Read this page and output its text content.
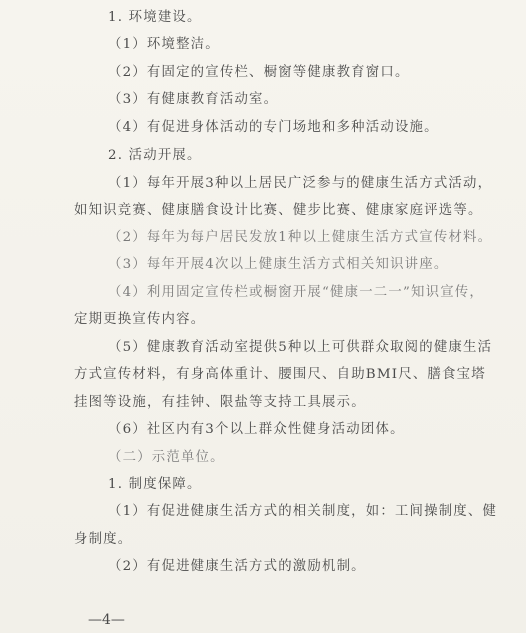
1. 环境建设。
（1）环境整洁。
（2）有固定的宣传栏、橱窗等健康教育窗口。
（3）有健康教育活动室。
（4）有促进身体活动的专门场地和多种活动设施。
2. 活动开展。
（1）每年开展3种以上居民广泛参与的健康生活方式活动，
如知识竞赛、健康膳食设计比赛、健步比赛、健康家庭评选等。
（2）每年为每户居民发放1种以上健康生活方式宣传材料。
（3）每年开展4次以上健康生活方式相关知识讲座。
（4）利用固定宣传栏或橱窗开展“健康一二一”知识宣传，
定期更换宣传内容。
（5）健康教育活动室提供5种以上可供群众取阅的健康生活
方式宣传材料，有身高体重计、腰围尺、自助BMI尺、膳食宝塔
挂图等设施，有挂钟、限盐等支持工具展示。
（6）社区内有3个以上群众性健身活动团体。
（二）示范单位。
1. 制度保障。
（1）有促进健康生活方式的相关制度，如：工间操制度、健
身制度。
（2）有促进健康生活方式的激励机制。
—4—
